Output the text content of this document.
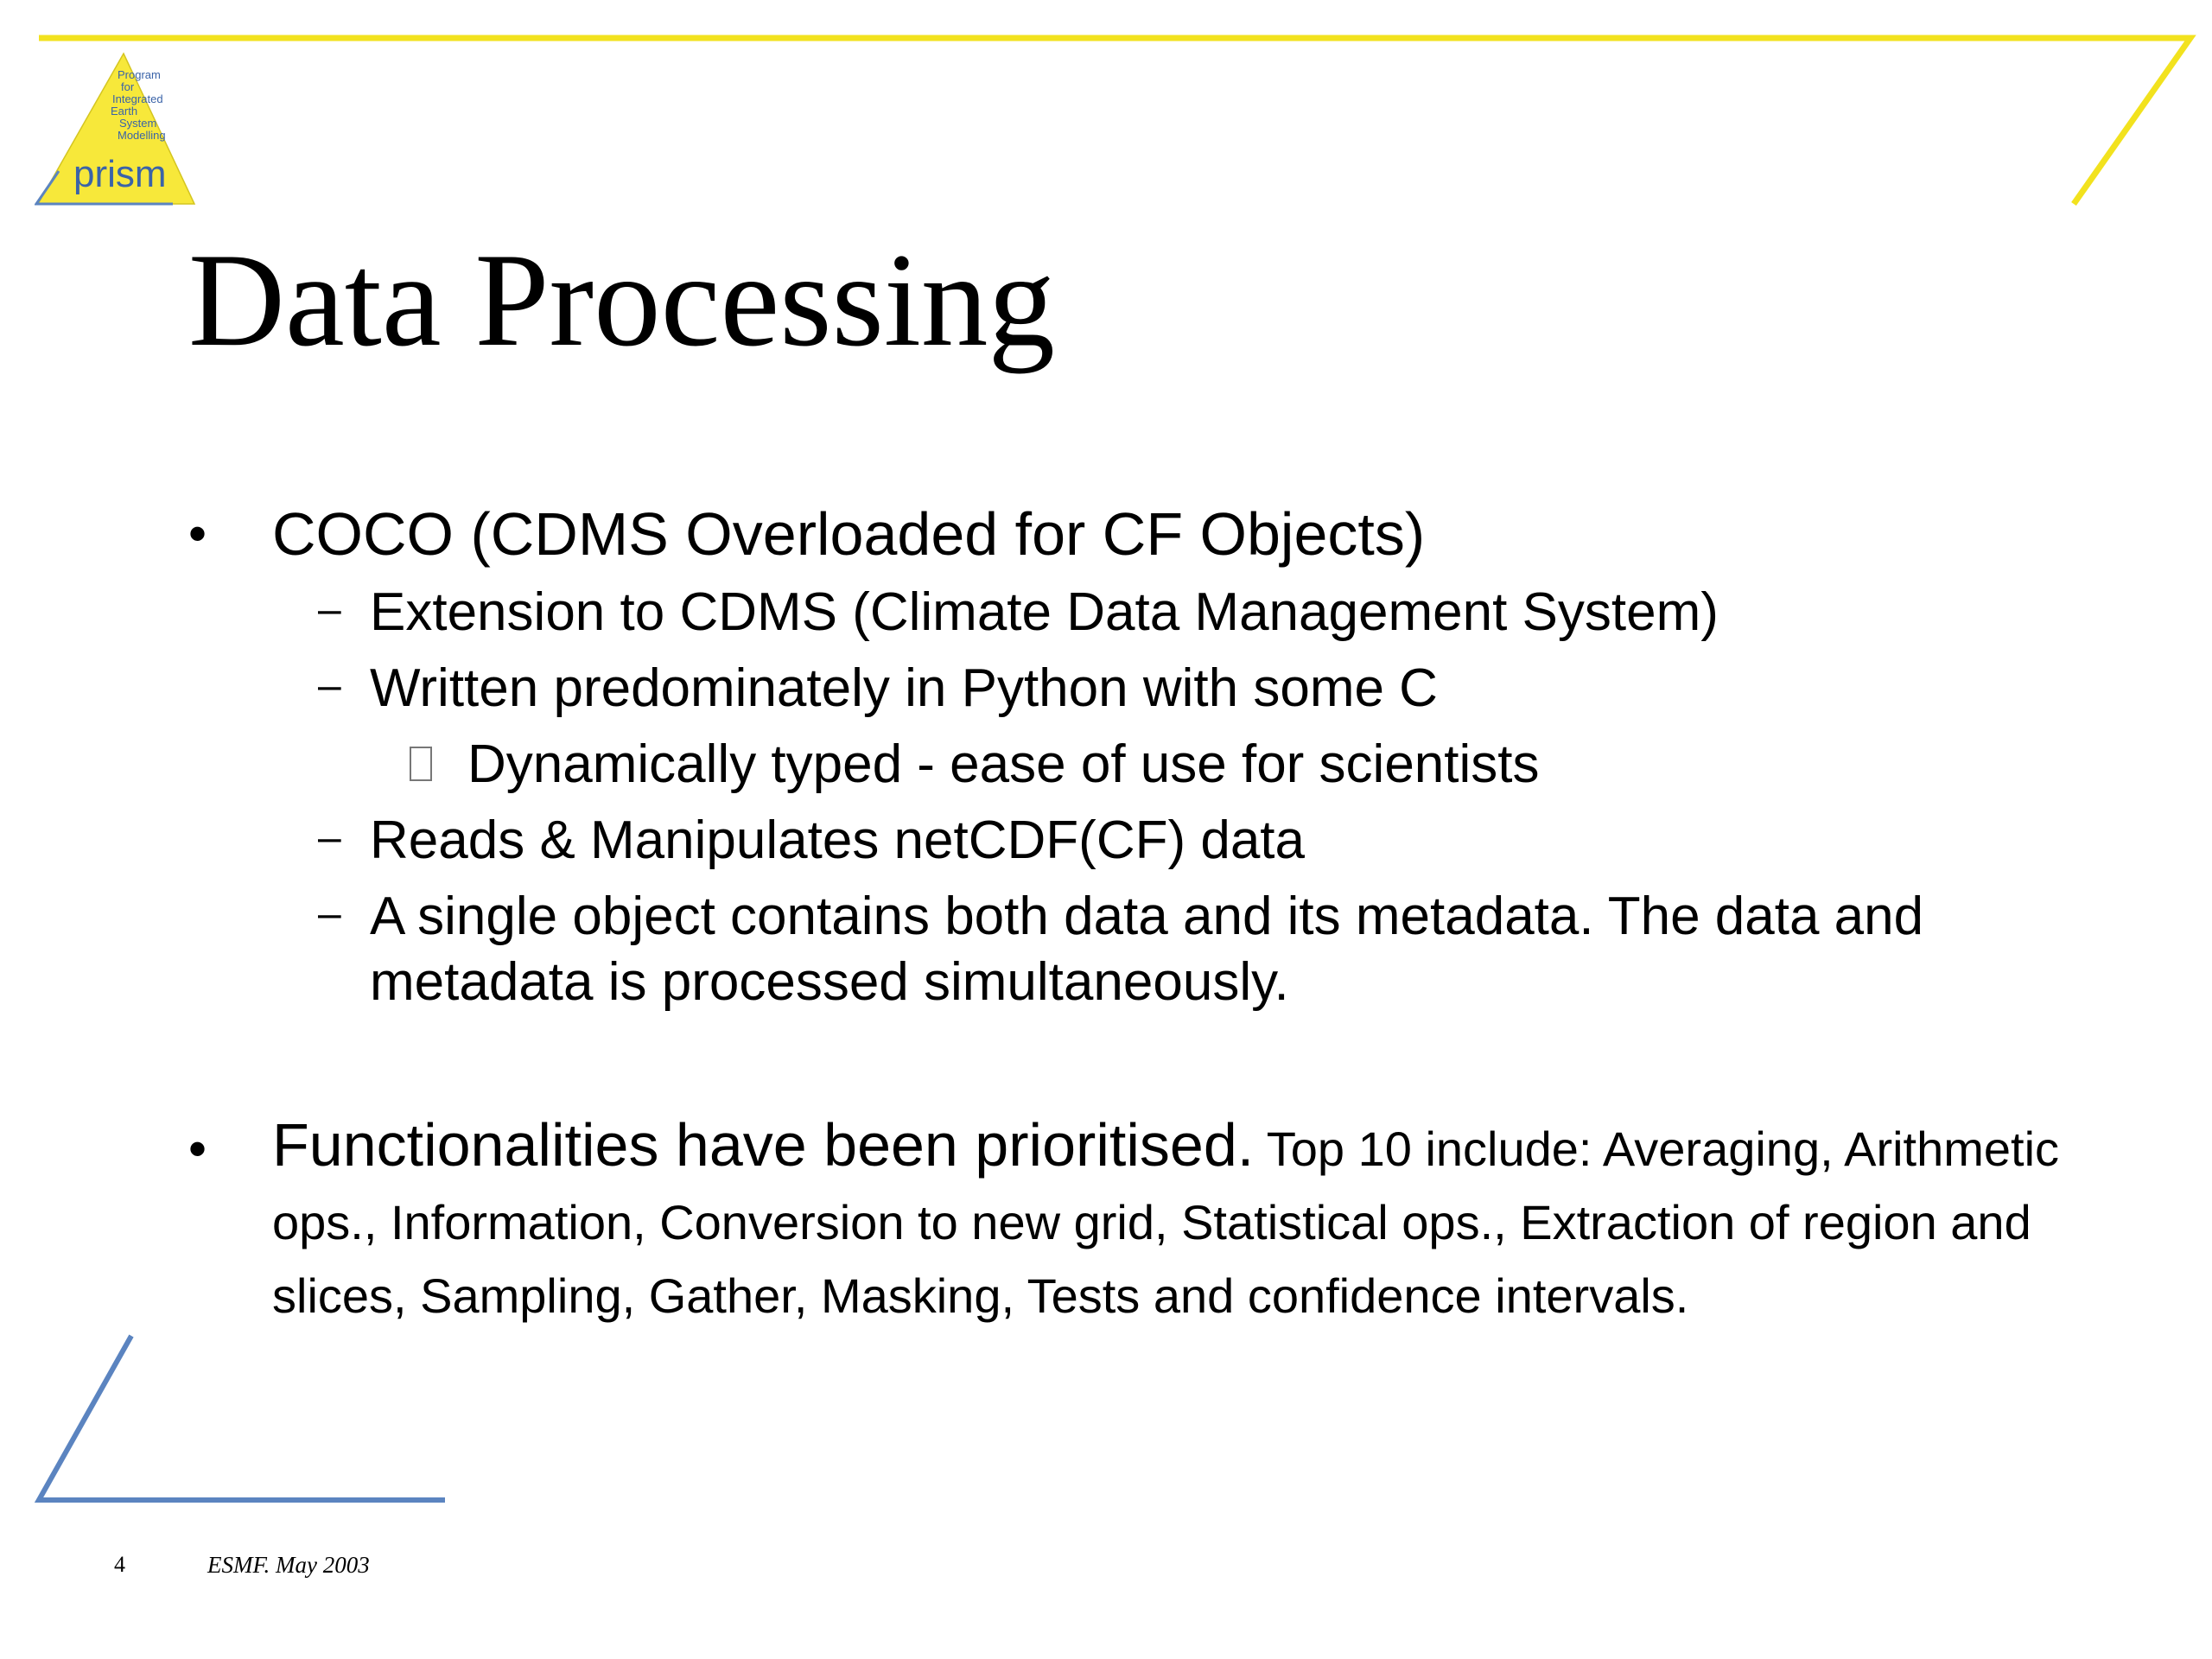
Program
for
Integrated
Earth
System
Modelling
prism
Data Processing
• COCO (CDMS Overloaded for CF Objects)
– Extension to CDMS (Climate Data Management System)
– Written predominately in Python with some C
Dynamically typed - ease of use for scientists
– Reads & Manipulates netCDF(CF) data
– A single object contains both data and its metadata. The data and
metadata is processed simultaneously.
• Functionalities have been prioritised. Top 10 include: Averaging, Arithmetic ops., Information, Conversion to new grid, Statistical ops., Extraction of region and slices, Sampling, Gather, Masking, Tests and confidence intervals.
4	ESMF. May 2003
